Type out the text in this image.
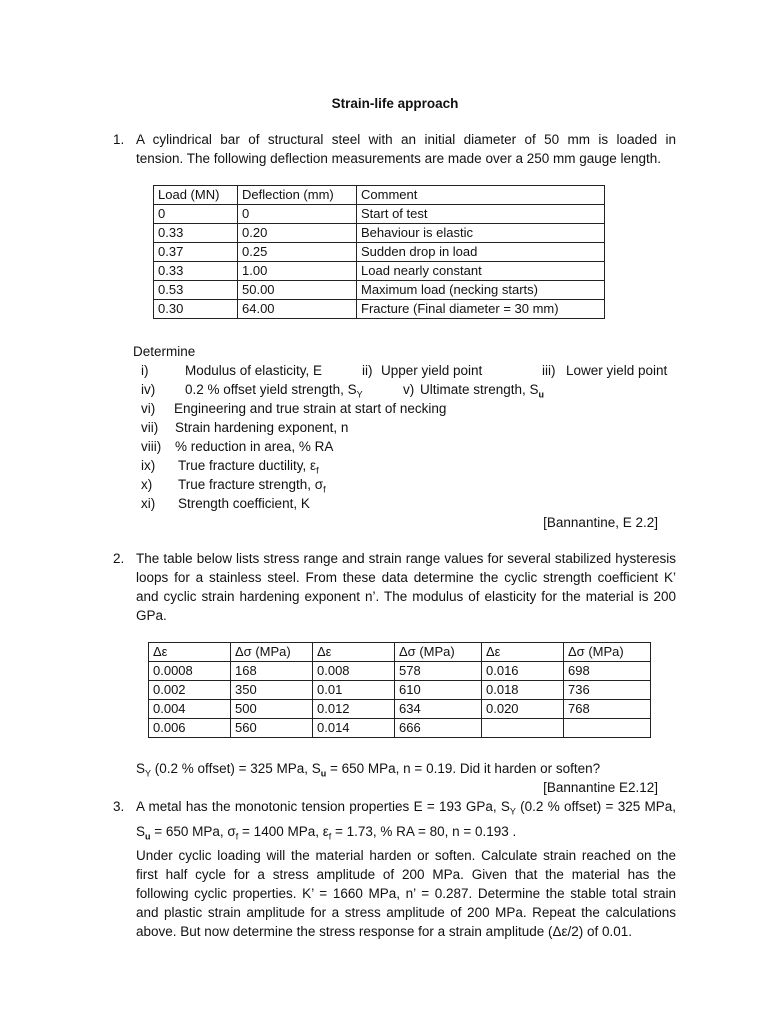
Strain-life approach
1. A cylindrical bar of structural steel with an initial diameter of 50 mm is loaded in
tension. The following deflection measurements are made over a 250 mm gauge length.
Load (MN)	Deflection (mm)	Comment
0	0	Start of test
0.33	0.20	Behaviour is elastic
0.37	0.25	Sudden drop in load
0.33	1.00	Load nearly constant
0.53	50.00	Maximum load (necking starts)
0.30	64.00	Fracture (Final diameter = 30 mm)
Determine
i)	Modulus of elasticity, E	ii) Upper yield point	iii) Lower yield point
iv) 0.2 % offset yield strength, $S_Y$	v) Ultimate strength, $S_u$
vi) Engineering and true strain at start of necking
vii) Strain hardening exponent, n
viii) % reduction in area, % RA
ix) True fracture ductility, $\varepsilon_f$
x) True fracture strength, $\sigma_f$
xi) Strength coefficient, K
[Bannantine, E 2.2]
2. The table below lists stress range and strain range values for several stabilized hysteresis
loops for a stainless steel. From these data determine the cyclic strength coefficient K’
and cyclic strain hardening exponent n’. The modulus of elasticity for the material is 200
GPa.
Δε	Δσ (MPa)	Δε	Δσ (MPa)	Δε	Δσ (MPa)
0.0008	168	0.008	578	0.016	698
0.002	350	0.01	610	0.018	736
0.004	500	0.012	634	0.020	768
0.006	560	0.014	666		
$S_Y$ (0.2 % offset) = 325 MPa, $S_u = 650$ MPa, n = 0.19. Did it harden or soften?
[Bannantine E2.12]
3. A metal has the monotonic tension properties E = 193 GPa, $S_Y$ (0.2 % offset) = 325 MPa,
$S_u = 650$ MPa, $\sigma_f = 1400$ MPa, $\varepsilon_f = 1.73$, % RA = 80, n = 0.193 .
Under cyclic loading will the material harden or soften. Calculate strain reached on the
first half cycle for a stress amplitude of 200 MPa. Given that the material has the
following cyclic properties. K’ = 1660 MPa, n’ = 0.287. Determine the stable total strain
and plastic strain amplitude for a stress amplitude of 200 MPa. Repeat the calculations
above. But now determine the stress response for a strain amplitude (Δε/2) of 0.01.
